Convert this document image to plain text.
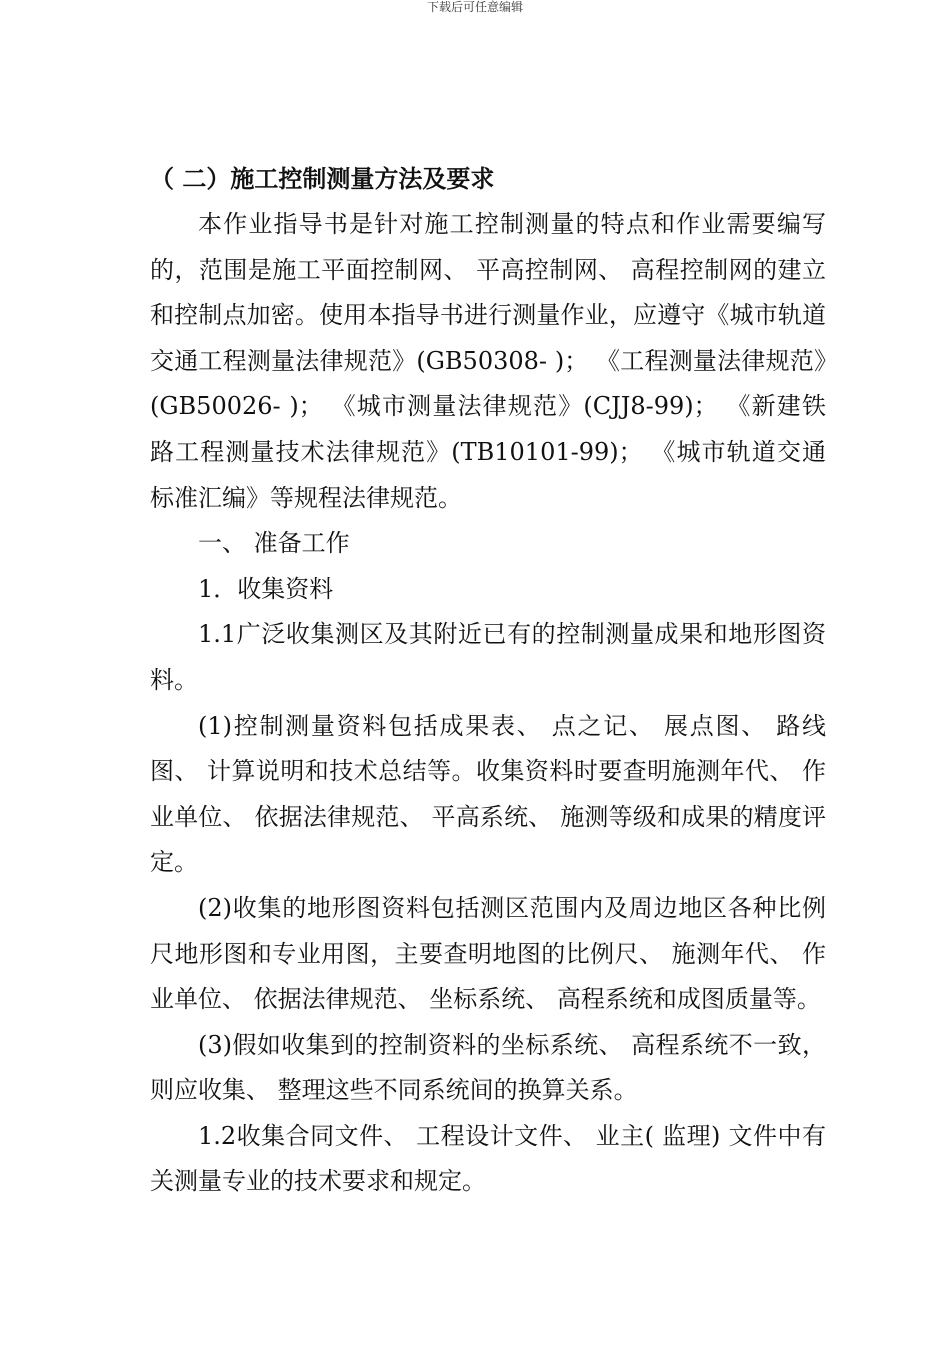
下载后可任意编辑
（ 二）施工控制测量方法及要求

本作业指导书是针对施工控制测量的特点和作业需要编写的，范围是施工平面控制网、 平高控制网、 高程控制网的建立和控制点加密。使用本指导书进行测量作业，应遵守《城市轨道交通工程测量法律规范》(GB50308- )； 《工程测量法律规范》(GB50026- )； 《城市测量法律规范》(CJJ8-99)； 《新建铁路工程测量技术法律规范》(TB10101-99)； 《城市轨道交通标准汇编》等规程法律规范。

一、 准备工作

1．收集资料

1.1广泛收集测区及其附近已有的控制测量成果和地形图资料。

(1)控制测量资料包括成果表、 点之记、 展点图、 路线图、 计算说明和技术总结等。收集资料时要查明施测年代、 作业单位、 依据法律规范、 平高系统、 施测等级和成果的精度评定。

(2)收集的地形图资料包括测区范围内及周边地区各种比例尺地形图和专业用图，主要查明地图的比例尺、 施测年代、 作业单位、 依据法律规范、 坐标系统、 高程系统和成图质量等。

(3)假如收集到的控制资料的坐标系统、 高程系统不一致，则应收集、 整理这些不同系统间的换算关系。

1.2收集合同文件、 工程设计文件、 业主( 监理) 文件中有关测量专业的技术要求和规定。
